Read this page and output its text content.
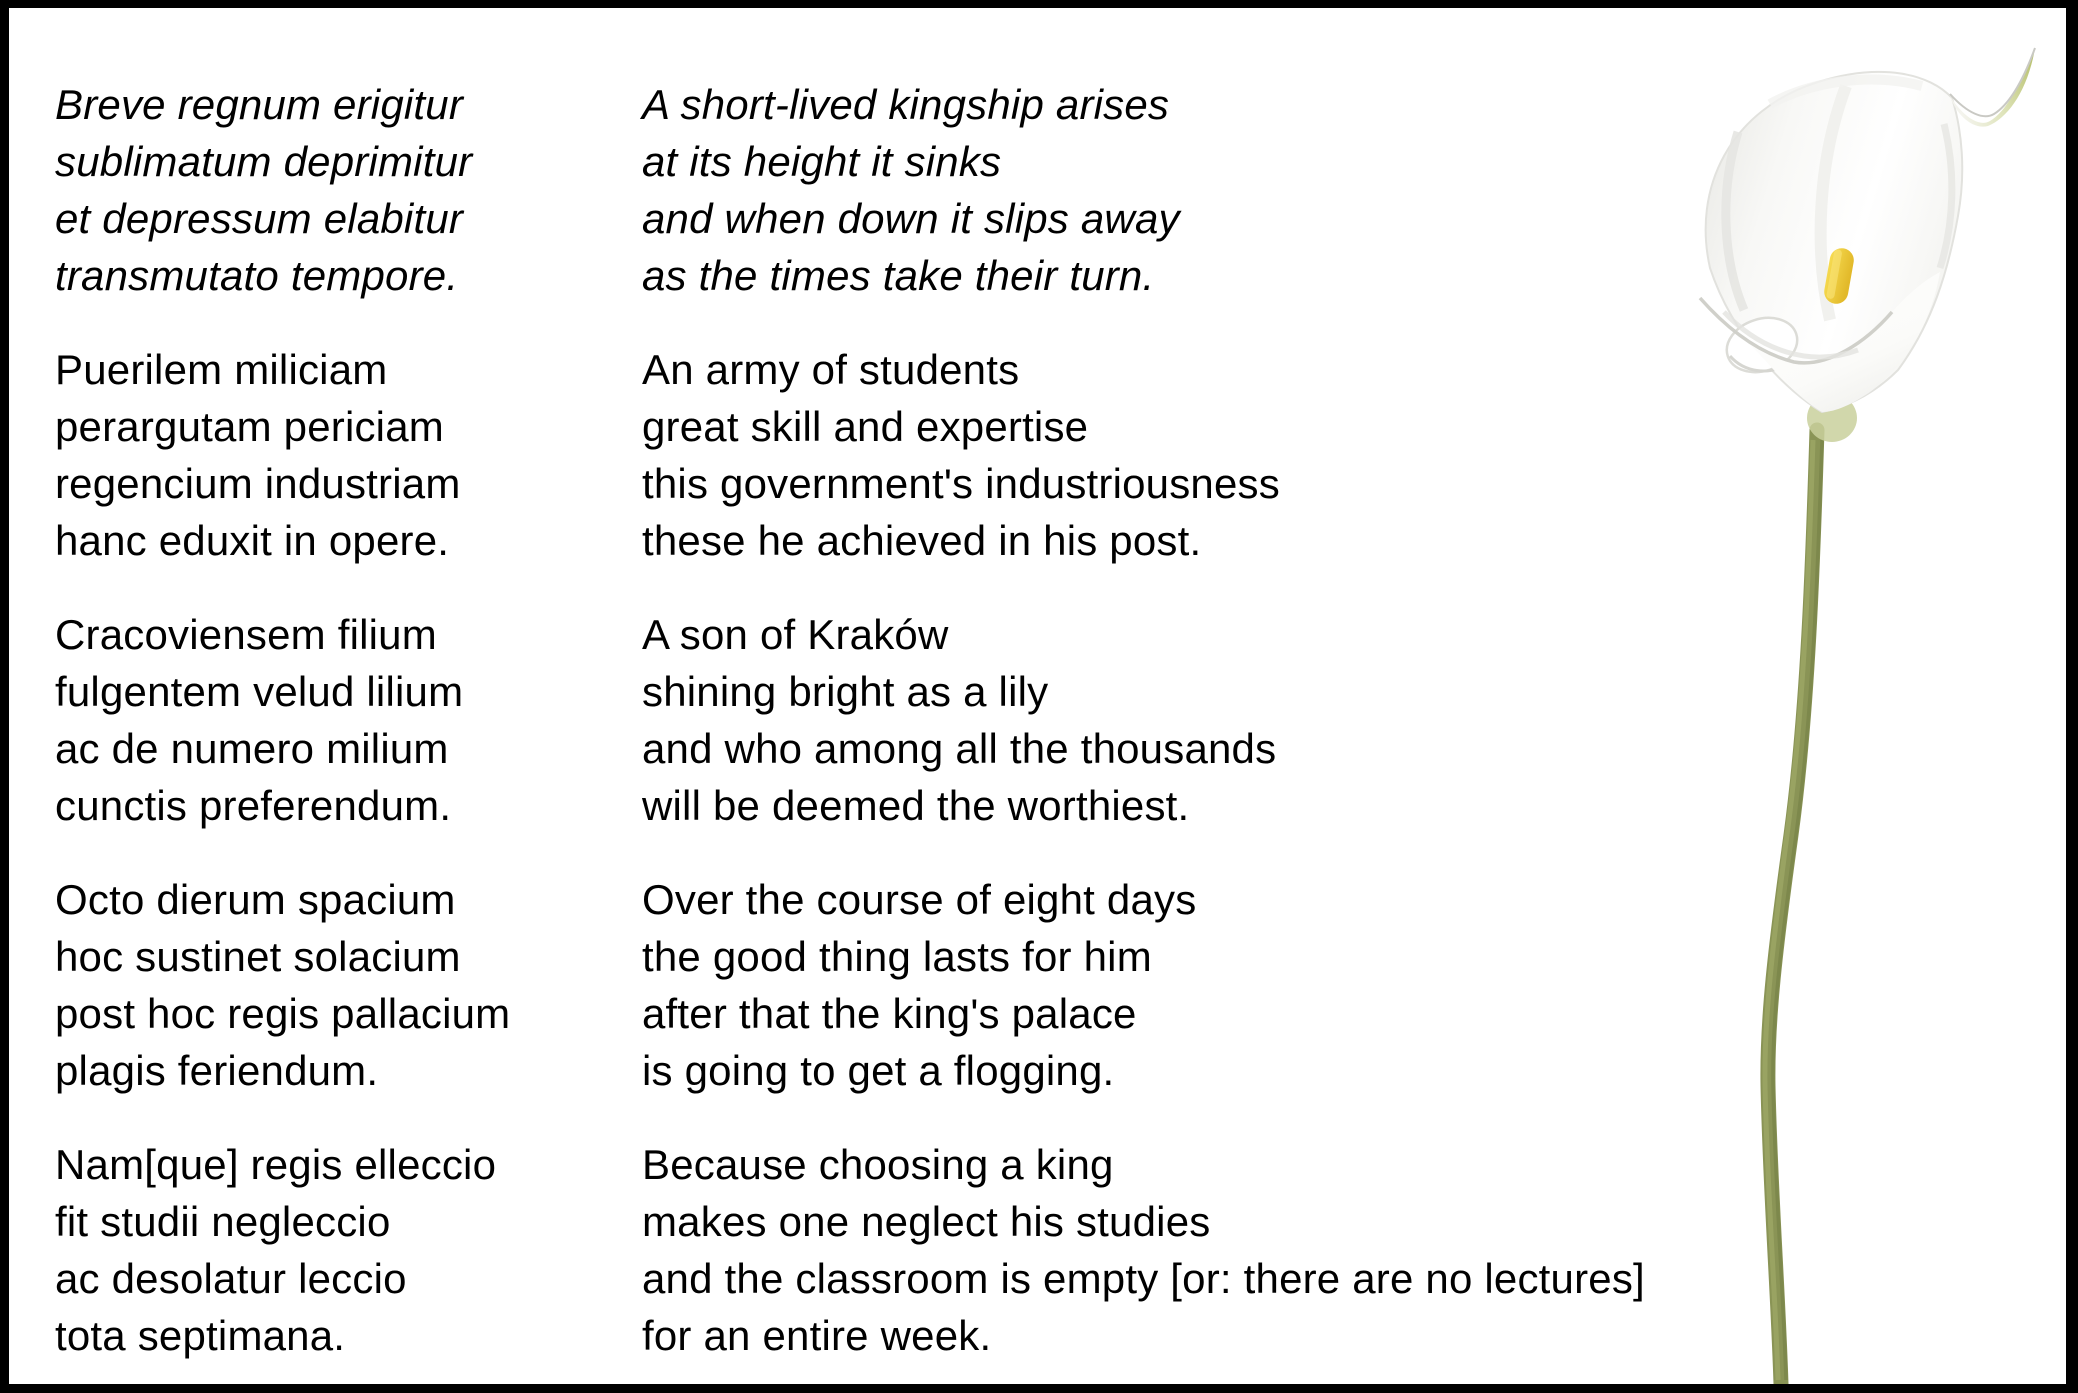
Breve regnum erigitur
sublimatum deprimitur
et depressum elabitur
transmutato tempore.
Puerilem miliciam
perargutam periciam
regencium industriam
hanc eduxit in opere.
Cracoviensem filium
fulgentem velud lilium
ac de numero milium
cunctis preferendum.
Octo dierum spacium
hoc sustinet solacium
post hoc regis pallacium
plagis feriendum.
Nam[que] regis elleccio
fit studii negleccio
ac desolatur leccio
tota septimana.
A short-lived kingship arises
at its height it sinks
and when down it slips away
as the times take their turn.
An army of students
great skill and expertise
this government's industriousness
these he achieved in his post.
A son of Kraków
shining bright as a lily
and who among all the thousands
will be deemed the worthiest.
Over the course of eight days
the good thing lasts for him
after that the king's palace
is going to get a flogging.
Because choosing a king
makes one neglect his studies
and the classroom is empty [or: there are no lectures]
for an entire week.
